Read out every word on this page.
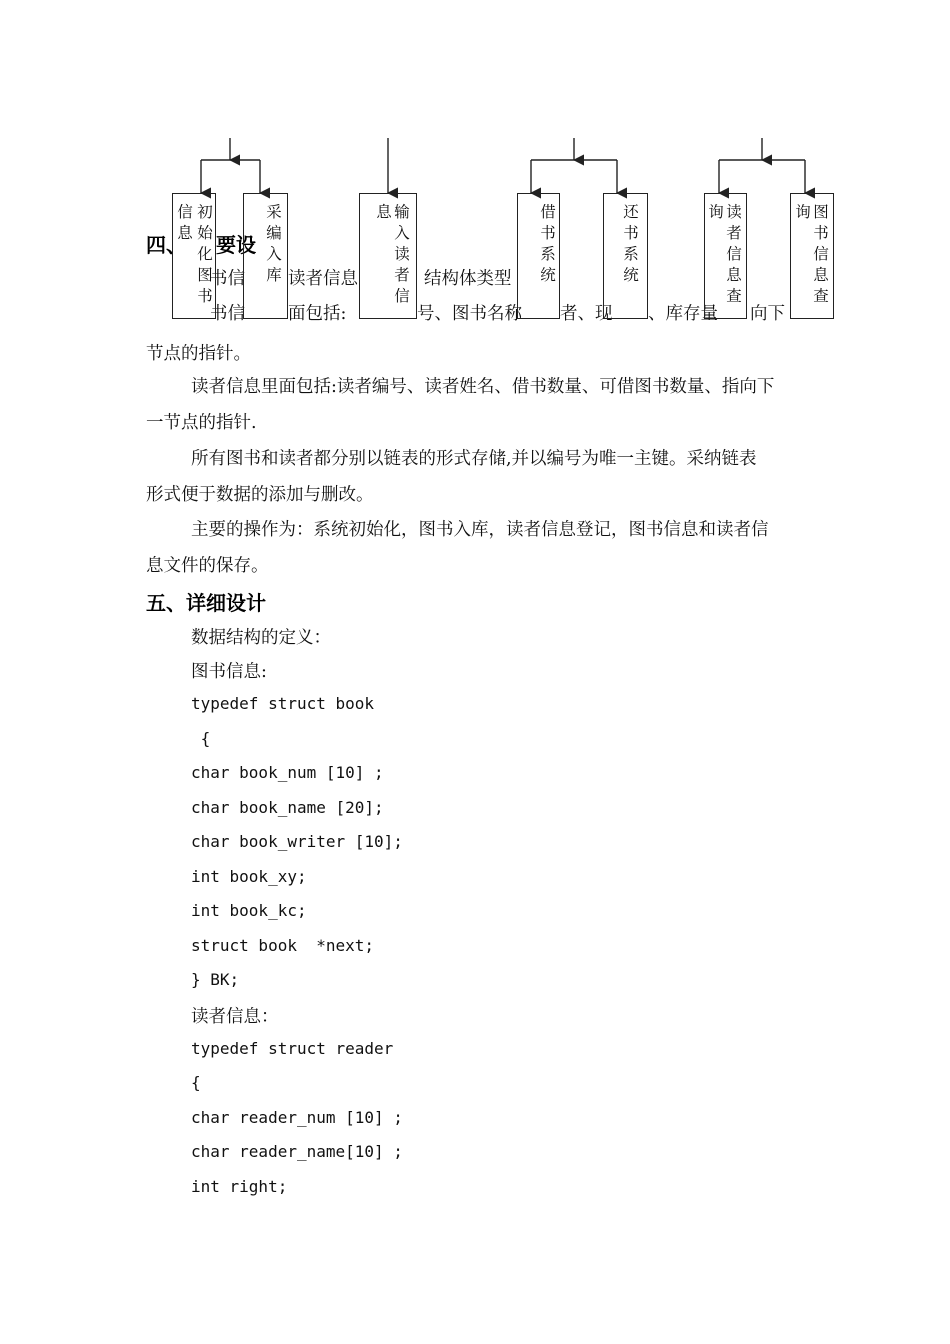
四、 要设
书信 读者信息	结构体类型
书信 面包括:	号、图书名称 者、现 、库存量 向下
初
始
化
图
书
信
息
采
编
入
库
输
入
读
者
信
息	借
书
系
统
还
书
系
统
读
者
信
息
查
询	图
书
信
息
查
询
节点的指针。
读者信息里面包括:读者编号、读者姓名、借书数量、可借图书数量、指向下
一节点的指针.
所有图书和读者都分别以链表的形式存储,并以编号为唯一主键。采纳链表
形式便于数据的添加与删改。
主要的操作为：系统初始化，图书入库，读者信息登记，图书信息和读者信
息文件的保存。
五、详细设计
数据结构的定义：
图书信息:
typedef struct book
{
char book_num [10] ;
char book_name [20];
char book_writer [10];
int book_xy;
int book_kc;
struct book  *next;
} BK;
读者信息：
typedef struct reader
{
char reader_num [10] ;
char reader_name[10] ;
int right;
